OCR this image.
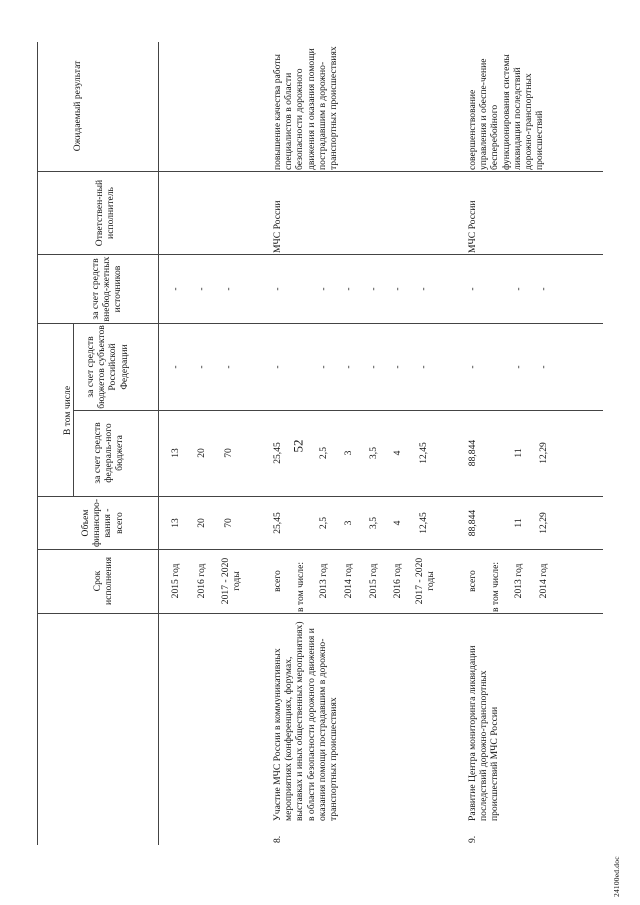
52
Срок исполнения
Объем финансиро-вания - всего
В том числе
за счет средств федераль-ного бюджета
за счет средств бюджетов субъектов Российской Федерации
за счет средств внебюд-жетных источников
Ответствен-ный исполнитель
Ожидаемый результат
2015 год
13
13
-
-
2016 год
20
20
-
-
2017 - 2020 годы
70
70
-
-
8.
Участие МЧС России в коммуникативных мероприятиях (конференциях, форумах, выставках и иных общественных мероприятиях) в области безопасности дорожного движения и оказания помощи пострадавшим в дорожно-транспортных происшествиях
МЧС России
повышение качества работы специалистов в области безопасности дорожного движения и оказания помощи пострадавшим в дорожно-транспортных происшествиях
всего
25,45
25,45
-
-
в том числе: 2013 год
2,5
2,5
-
-
2014 год
3
3
-
-
2015 год
3,5
3,5
-
-
2016 год
4
4
-
-
2017 - 2020 годы
12,45
12,45
-
-
9.
Развитие Центра мониторинга ликвидации последствий дорожно-транспортных происшествий МЧС России
МЧС России
совершенствование управления и обеспе-чение бесперебойного функционирования системы ликвидации последствий дорожно-транспортных происшествий
всего
88,844
88,844
-
-
в том числе: 2013 год
11
11
-
-
2014 год
12,29
12,29
-
-
24100ed.doc
